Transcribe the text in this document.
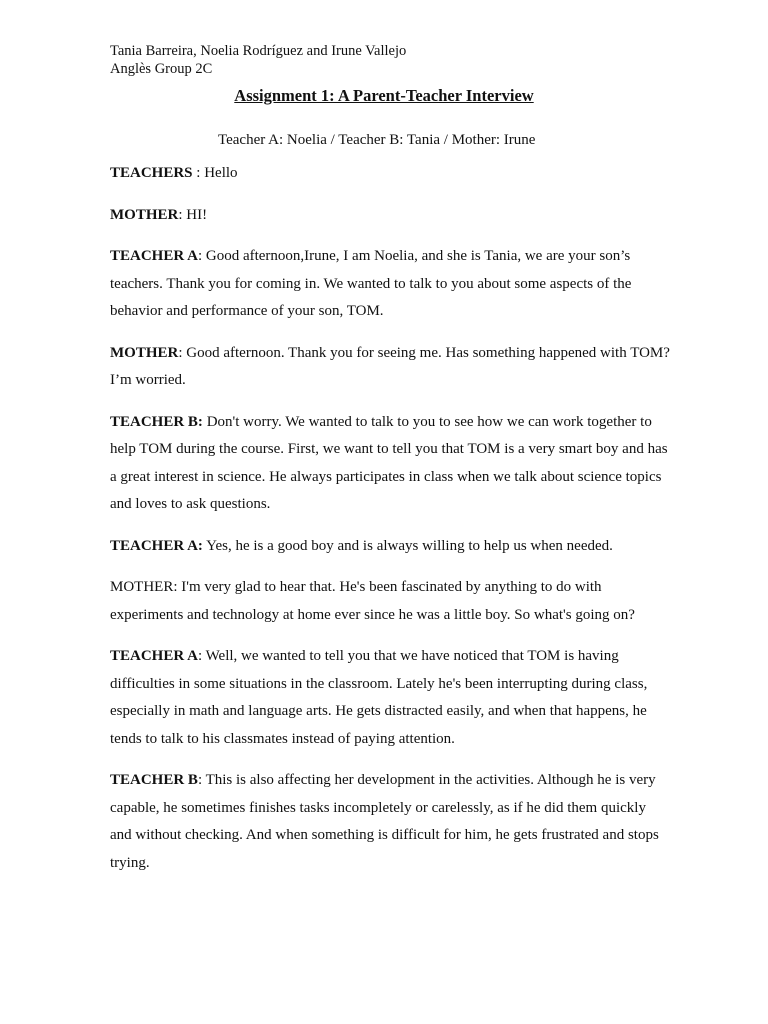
Tania Barreira, Noelia Rodríguez and Irune Vallejo
Anglès Group 2C
Assignment 1: A Parent-Teacher Interview
Teacher A: Noelia / Teacher B: Tania / Mother: Irune

TEACHERS : Hello

MOTHER: HI!

TEACHER A: Good afternoon,Irune, I am Noelia, and she is Tania, we are your son’s teachers. Thank you for coming in. We wanted to talk to you about some aspects of the behavior and performance of your son, TOM.

MOTHER: Good afternoon. Thank you for seeing me. Has something happened with TOM? I’m worried.

TEACHER B: Don't worry. We wanted to talk to you to see how we can work together to help TOM during the course. First, we want to tell you that TOM is a very smart boy and has a great interest in science. He always participates in class when we talk about science topics and loves to ask questions.

TEACHER A: Yes, he is a good boy and is always willing to help us when needed.

MOTHER: I'm very glad to hear that. He's been fascinated by anything to do with experiments and technology at home ever since he was a little boy. So what's going on?

TEACHER A: Well, we wanted to tell you that we have noticed that TOM is having difficulties in some situations in the classroom. Lately he's been interrupting during class, especially in math and language arts. He gets distracted easily, and when that happens, he tends to talk to his classmates instead of paying attention.

TEACHER B: This is also affecting her development in the activities. Although he is very capable, he sometimes finishes tasks incompletely or carelessly, as if he did them quickly and without checking. And when something is difficult for him, he gets frustrated and stops trying.
